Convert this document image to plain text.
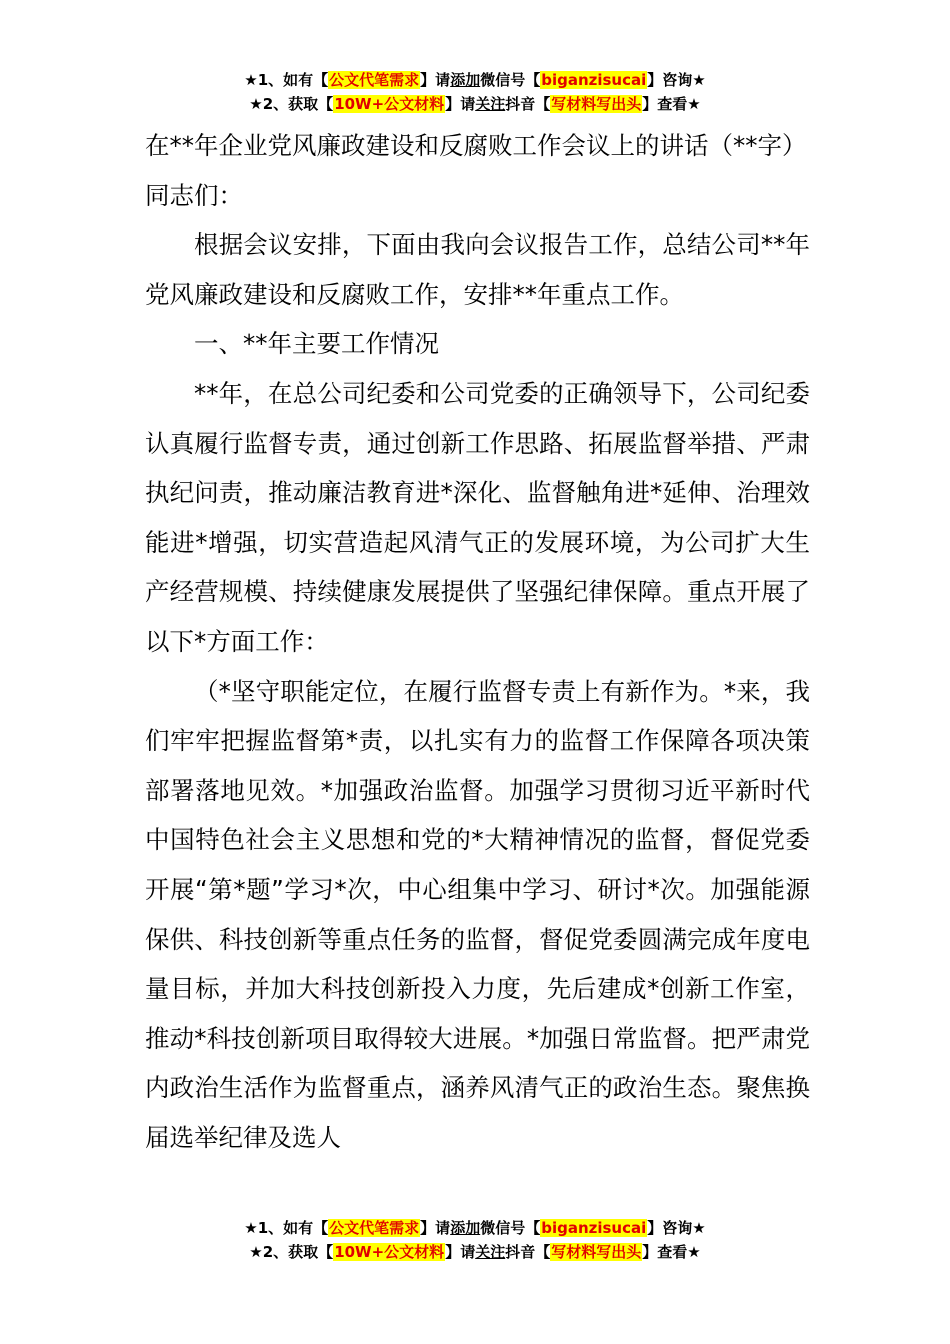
★1、如有【公文代笔需求】请添加微信号【biganzisucai】咨询★
★2、获取【10W+公文材料】请关注抖音【写材料写出头】查看★

在**年企业党风廉政建设和反腐败工作会议上的讲话（**字）

同志们：

根据会议安排，下面由我向会议报告工作，总结公司**年党风廉政建设和反腐败工作，安排**年重点工作。

一、**年主要工作情况

**年，在总公司纪委和公司党委的正确领导下，公司纪委认真履行监督专责，通过创新工作思路、拓展监督举措、严肃执纪问责，推动廉洁教育进*深化、监督触角进*延伸、治理效能进*增强，切实营造起风清气正的发展环境，为公司扩大生产经营规模、持续健康发展提供了坚强纪律保障。重点开展了以下*方面工作：

（*坚守职能定位，在履行监督专责上有新作为。*来，我们牢牢把握监督第*责，以扎实有力的监督工作保障各项决策部署落地见效。*加强政治监督。加强学习贯彻习近平新时代中国特色社会主义思想和党的*大精神情况的监督，督促党委开展“第*题”学习*次，中心组集中学习、研讨*次。加强能源保供、科技创新等重点任务的监督，督促党委圆满完成年度电量目标，并加大科技创新投入力度，先后建成*创新工作室，推动*科技创新项目取得较大进展。*加强日常监督。把严肃党内政治生活作为监督重点，涵养风清气正的政治生态。聚焦换届选举纪律及选人

★1、如有【公文代笔需求】请添加微信号【biganzisucai】咨询★
★2、获取【10W+公文材料】请关注抖音【写材料写出头】查看★
